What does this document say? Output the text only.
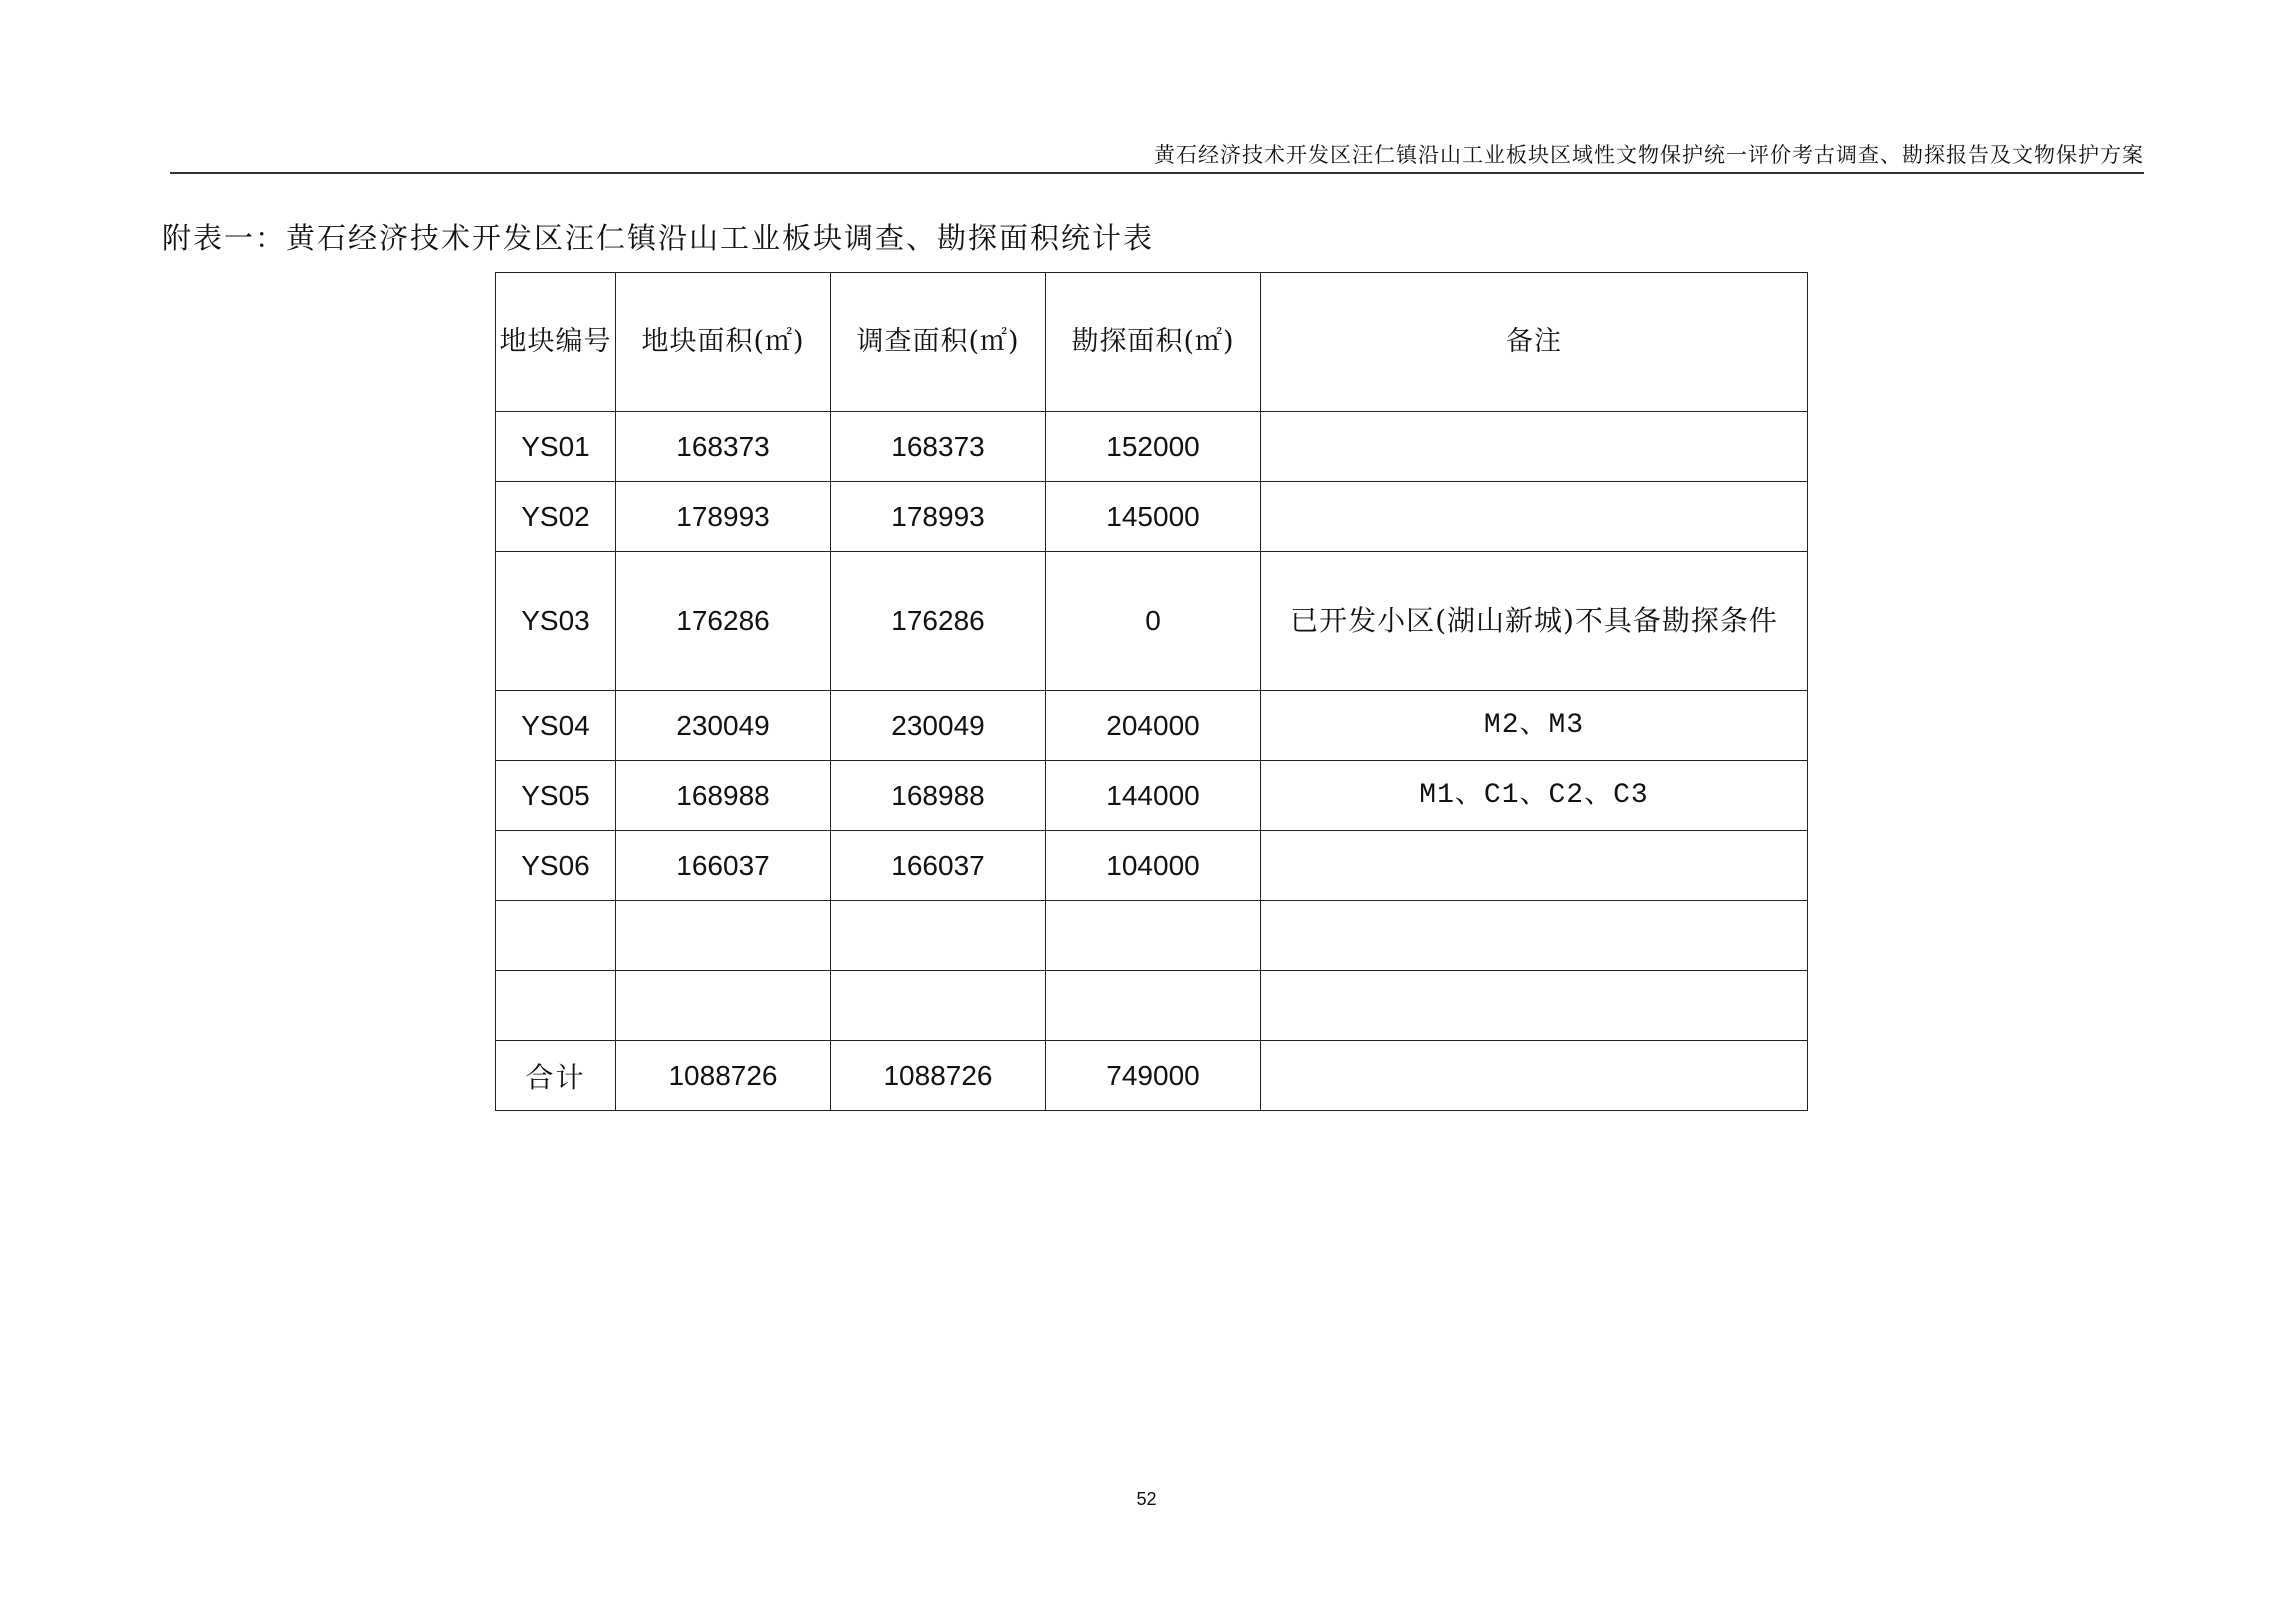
黄石经济技术开发区汪仁镇沿山工业板块区域性文物保护统一评价考古调查、勘探报告及文物保护方案
附表一：黄石经济技术开发区汪仁镇沿山工业板块调查、勘探面积统计表
地块编号	地块面积(㎡)	调查面积(㎡)	勘探面积(㎡)	备注
YS01	168373	168373	152000	
YS02	178993	178993	145000	
YS03	176286	176286	0	已开发小区(湖山新城)不具备勘探条件
YS04	230049	230049	204000	M2、M3
YS05	168988	168988	144000	M1、C1、C2、C3
YS06	166037	166037	104000	

合计	1088726	1088726	749000	
52
